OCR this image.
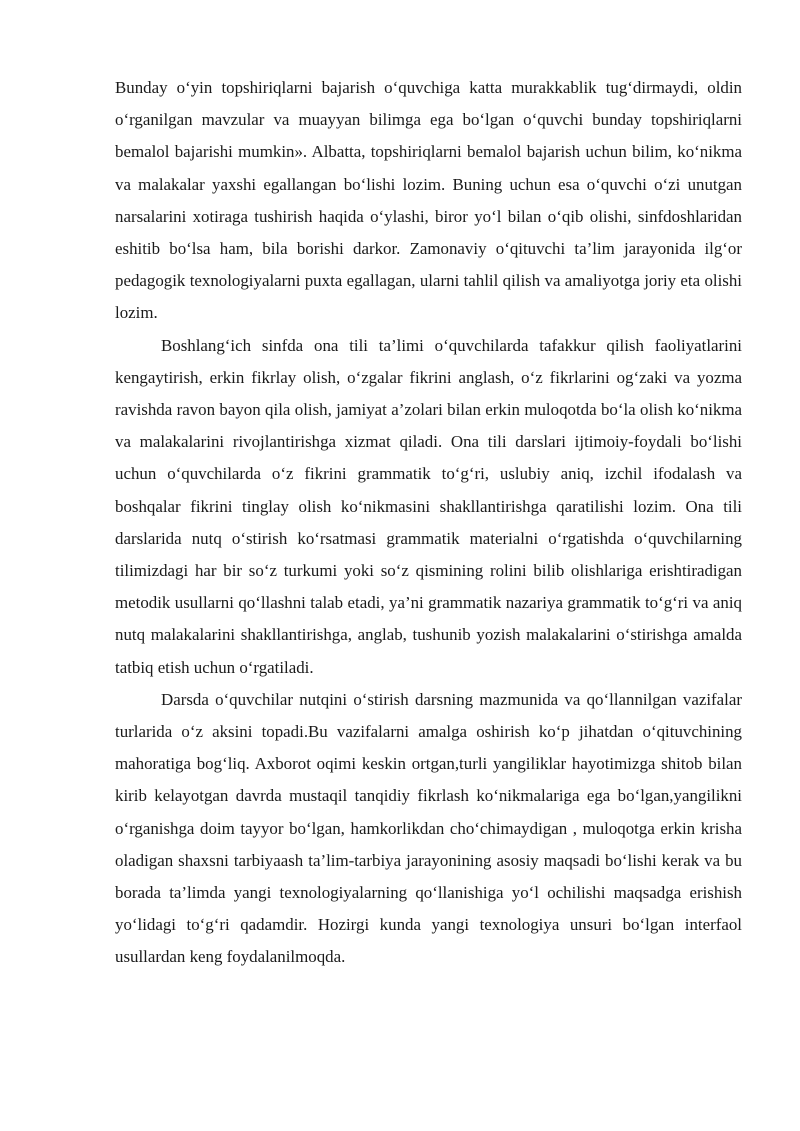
Bunday o‘yin topshiriqlarni bajarish o‘quvchiga katta murakkablik tug‘dirmaydi, oldin o‘rganilgan mavzular va muayyan bilimga ega bo‘lgan o‘quvchi bunday topshiriqlarni bemalol bajarishi mumkin». Albatta, topshiriqlarni bemalol bajarish uchun bilim, ko‘nikma va malakalar yaxshi egallangan bo‘lishi lozim. Buning uchun esa o‘quvchi o‘zi unutgan narsalarini xotiraga tushirish haqida o‘ylashi, biror yo‘l bilan o‘qib olishi, sinfdoshlaridan eshitib bo‘lsa ham, bila borishi darkor. Zamonaviy o‘qituvchi ta’lim jarayonida ilg‘or pedagogik texnologiyalarni puxta egallagan, ularni tahlil qilish va amaliyotga joriy eta olishi lozim.

Boshlang‘ich sinfda ona tili ta’limi o‘quvchilarda tafakkur qilish faoliyatlarini kengaytirish, erkin fikrlay olish, o‘zgalar fikrini anglash, o‘z fikrlarini og‘zaki va yozma ravishda ravon bayon qila olish, jamiyat a’zolari bilan erkin muloqotda bo‘la olish ko‘nikma va malakalarini rivojlantirishga xizmat qiladi. Ona tili darslari ijtimoiy-foydali bo‘lishi uchun o‘quvchilarda o‘z fikrini grammatik to‘g‘ri, uslubiy aniq, izchil ifodalash va boshqalar fikrini tinglay olish ko‘nikmasini shakllantirishga qaratilishi lozim. Ona tili darslarida nutq o‘stirish ko‘rsatmasi grammatik materialni o‘rgatishda o‘quvchilarning tilimizdagi har bir so‘z turkumi yoki so‘z qismining rolini bilib olishlariga erishtiradigan metodik usullarni qo‘llashni talab etadi, ya’ni grammatik nazariya grammatik to‘g‘ri va aniq nutq malakalarini shakllantirishga, anglab, tushunib yozish malakalarini o‘stirishga amalda tatbiq etish uchun o‘rgatiladi.

Darsda o‘quvchilar nutqini o‘stirish darsning mazmunida va qo‘llannilgan vazifalar turlarida o‘z aksini topadi.Bu vazifalarni amalga oshirish ko‘p jihatdan o‘qituvchining mahoratiga bog‘liq. Axborot oqimi keskin ortgan,turli yangiliklar hayotimizga shitob bilan kirib kelayotgan davrda mustaqil tanqidiy fikrlash ko‘nikmalariga ega bo‘lgan,yangilikni o‘rganishga doim tayyor bo‘lgan, hamkorlikdan cho‘chimaydigan , muloqotga erkin krisha oladigan shaxsni tarbiyaash ta’lim-tarbiya jarayonining asosiy maqsadi bo‘lishi kerak va bu borada ta’limda yangi texnologiyalarning qo‘llanishiga yo‘l ochilishi maqsadga erishish yo‘lidagi to‘g‘ri qadamdir. Hozirgi kunda yangi texnologiya unsuri bo‘lgan interfaol usullardan keng foydalanilmoqda.
